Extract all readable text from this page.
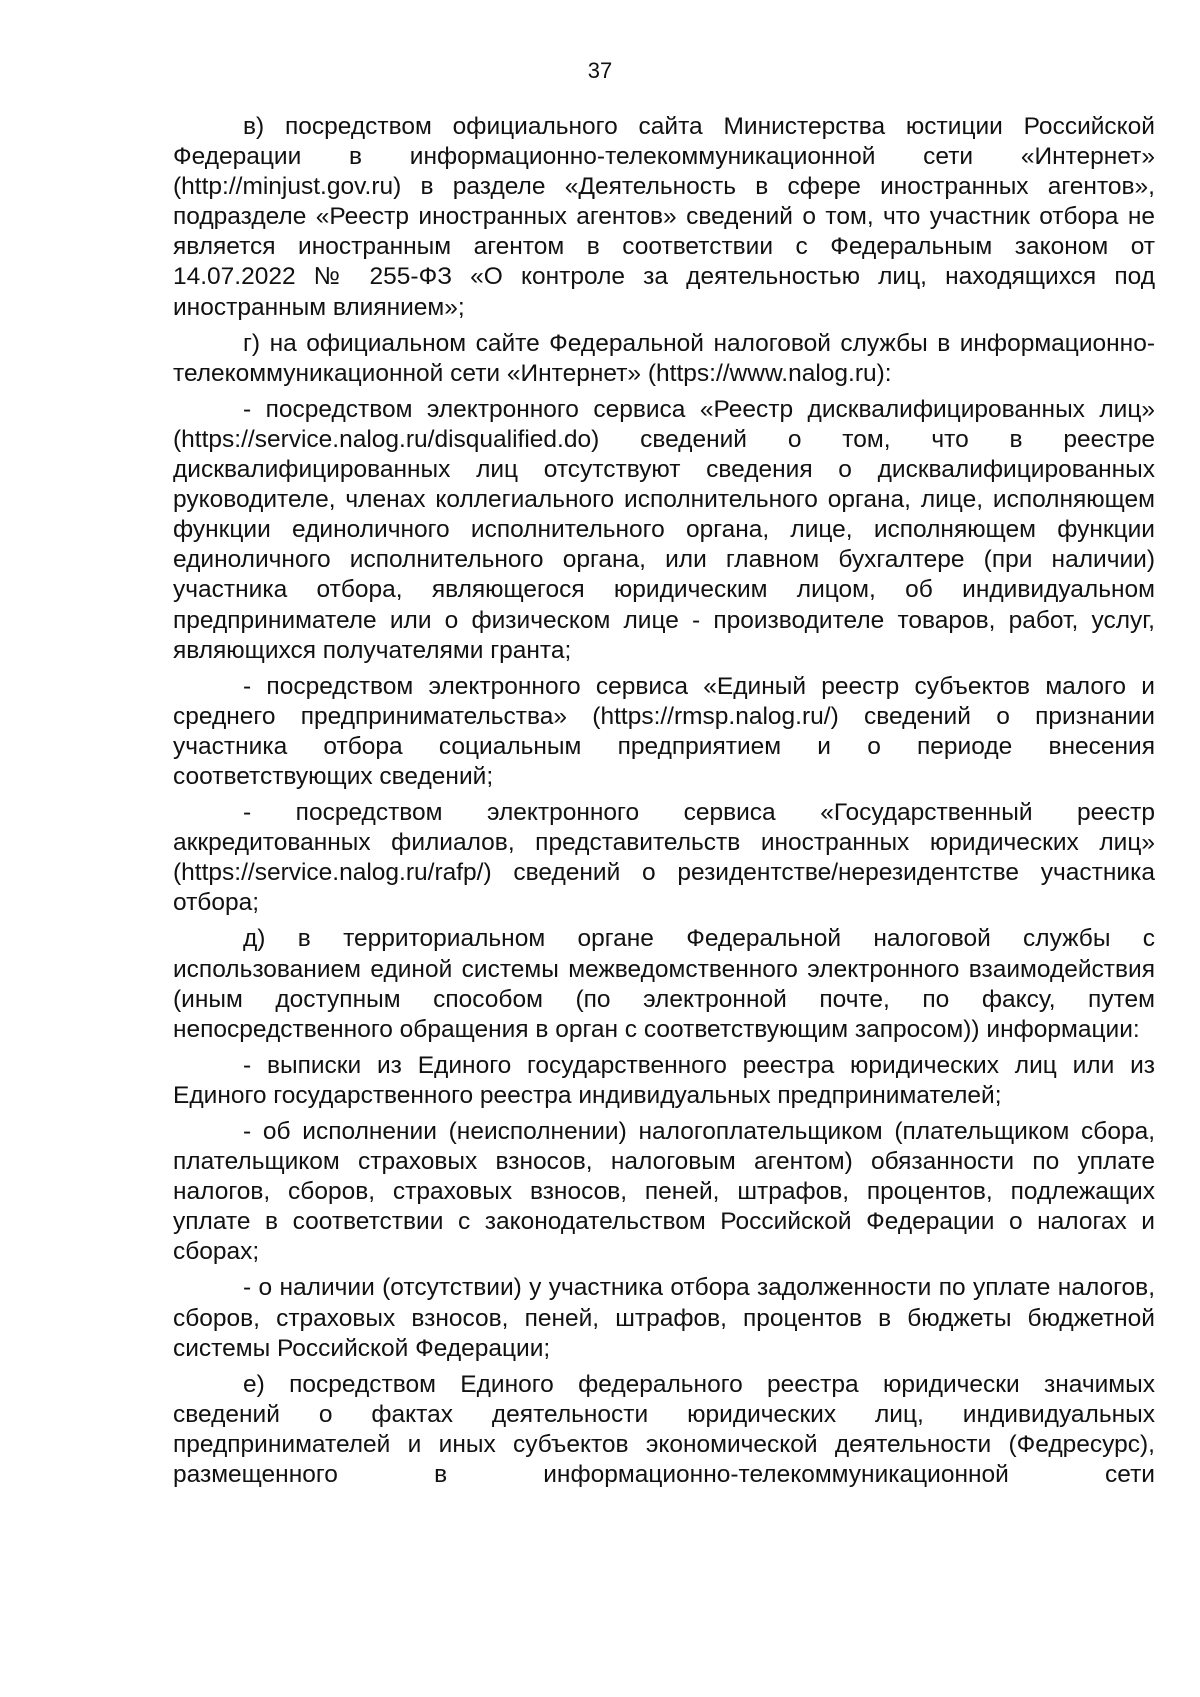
37

в) посредством официального сайта Министерства юстиции Российской Федерации в информационно-телекоммуникационной сети «Интернет» (http://minjust.gov.ru) в разделе «Деятельность в сфере иностранных агентов», подразделе «Реестр иностранных агентов» сведений о том, что участник отбора не является иностранным агентом в соответствии с Федеральным законом от 14.07.2022 № 255-ФЗ «О контроле за деятельностью лиц, находящихся под иностранным влиянием»;

г) на официальном сайте Федеральной налоговой службы в информационно-телекоммуникационной сети «Интернет» (https://www.nalog.ru):

- посредством электронного сервиса «Реестр дисквалифицированных лиц» (https://service.nalog.ru/disqualified.do) сведений о том, что в реестре дисквалифицированных лиц отсутствуют сведения о дисквалифицированных руководителе, членах коллегиального исполнительного органа, лице, исполняющем функции единоличного исполнительного органа, лице, исполняющем функции единоличного исполнительного органа, или главном бухгалтере (при наличии) участника отбора, являющегося юридическим лицом, об индивидуальном предпринимателе или о физическом лице - производителе товаров, работ, услуг, являющихся получателями гранта;

- посредством электронного сервиса «Единый реестр субъектов малого и среднего предпринимательства» (https://rmsp.nalog.ru/) сведений о признании участника отбора социальным предприятием и о периоде внесения соответствующих сведений;

- посредством электронного сервиса «Государственный реестр аккредитованных филиалов, представительств иностранных юридических лиц» (https://service.nalog.ru/rafp/) сведений о резидентстве/нерезидентстве участника отбора;

д) в территориальном органе Федеральной налоговой службы с использованием единой системы межведомственного электронного взаимодействия (иным доступным способом (по электронной почте, по факсу, путем непосредственного обращения в орган с соответствующим запросом)) информации:

- выписки из Единого государственного реестра юридических лиц или из Единого государственного реестра индивидуальных предпринимателей;

- об исполнении (неисполнении) налогоплательщиком (плательщиком сбора, плательщиком страховых взносов, налоговым агентом) обязанности по уплате налогов, сборов, страховых взносов, пеней, штрафов, процентов, подлежащих уплате в соответствии с законодательством Российской Федерации о налогах и сборах;

- о наличии (отсутствии) у участника отбора задолженности по уплате налогов, сборов, страховых взносов, пеней, штрафов, процентов в бюджеты бюджетной системы Российской Федерации;

е) посредством Единого федерального реестра юридически значимых сведений о фактах деятельности юридических лиц, индивидуальных предпринимателей и иных субъектов экономической деятельности (Федресурс), размещенного в информационно-телекоммуникационной сети
